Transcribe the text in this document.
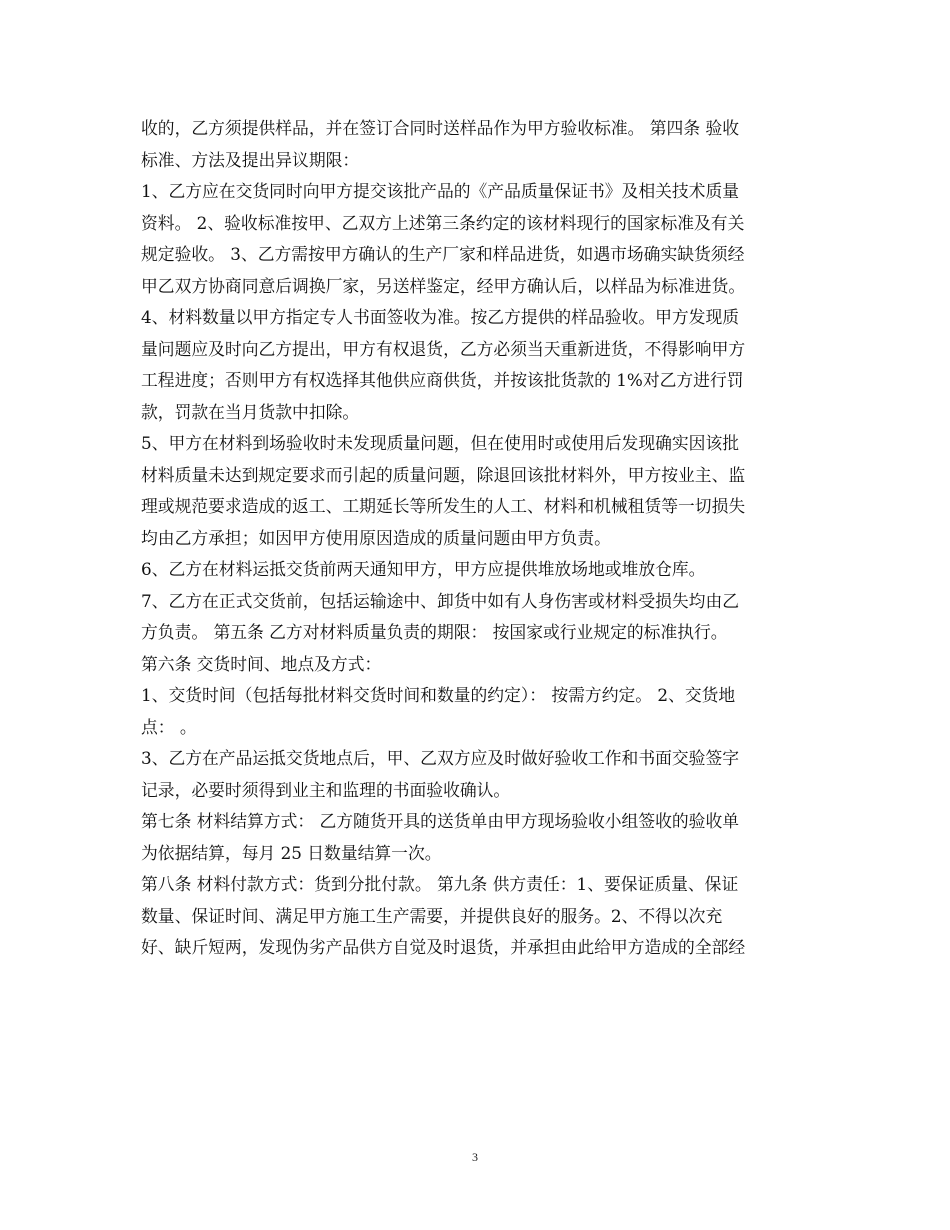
收的，乙方须提供样品，并在签订合同时送样品作为甲方验收标准。 第四条 验收
标准、方法及提出异议期限：
1、乙方应在交货同时向甲方提交该批产品的《产品质量保证书》及相关技术质量
资料。 2、验收标准按甲、乙双方上述第三条约定的该材料现行的国家标准及有关
规定验收。 3、乙方需按甲方确认的生产厂家和样品进货，如遇市场确实缺货须经
甲乙双方协商同意后调换厂家，另送样鉴定，经甲方确认后，以样品为标准进货。
4、材料数量以甲方指定专人书面签收为准。按乙方提供的样品验收。甲方发现质
量问题应及时向乙方提出，甲方有权退货，乙方必须当天重新进货，不得影响甲方
工程进度；否则甲方有权选择其他供应商供货，并按该批货款的 1%对乙方进行罚
款，罚款在当月货款中扣除。
5、甲方在材料到场验收时未发现质量问题，但在使用时或使用后发现确实因该批
材料质量未达到规定要求而引起的质量问题，除退回该批材料外，甲方按业主、监
理或规范要求造成的返工、工期延长等所发生的人工、材料和机械租赁等一切损失
均由乙方承担；如因甲方使用原因造成的质量问题由甲方负责。
6、乙方在材料运抵交货前两天通知甲方，甲方应提供堆放场地或堆放仓库。
7、乙方在正式交货前，包括运输途中、卸货中如有人身伤害或材料受损失均由乙
方负责。 第五条 乙方对材料质量负责的期限： 按国家或行业规定的标准执行。
第六条 交货时间、地点及方式：
1、交货时间（包括每批材料交货时间和数量的约定）： 按需方约定。 2、交货地
点： 。
3、乙方在产品运抵交货地点后，甲、乙双方应及时做好验收工作和书面交验签字
记录，必要时须得到业主和监理的书面验收确认。
第七条 材料结算方式： 乙方随货开具的送货单由甲方现场验收小组签收的验收单
为依据结算，每月 25 日数量结算一次。
第八条 材料付款方式：货到分批付款。 第九条 供方责任：1、要保证质量、保证
数量、保证时间、满足甲方施工生产需要，并提供良好的服务。2、不得以次充
好、缺斤短两，发现伪劣产品供方自觉及时退货，并承担由此给甲方造成的全部经
3
